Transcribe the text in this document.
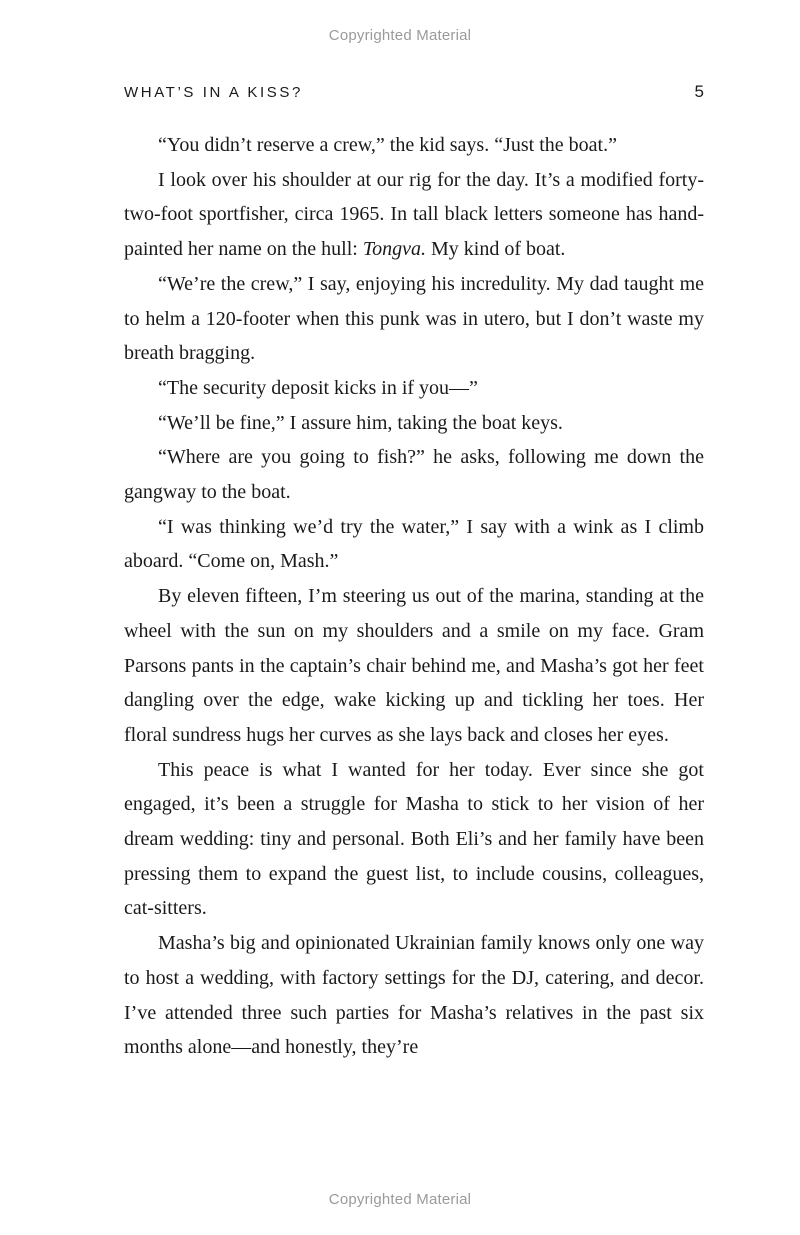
Copyrighted Material
WHAT’S IN A KISS?	5

“You didn’t reserve a crew,” the kid says. “Just the boat.”

I look over his shoulder at our rig for the day. It’s a modified forty-two-foot sportfisher, circa 1965. In tall black letters someone has hand-painted her name on the hull: Tongva. My kind of boat.

“We’re the crew,” I say, enjoying his incredulity. My dad taught me to helm a 120-footer when this punk was in utero, but I don’t waste my breath bragging.

“The security deposit kicks in if you—”

“We’ll be fine,” I assure him, taking the boat keys.

“Where are you going to fish?” he asks, following me down the gangway to the boat.

“I was thinking we’d try the water,” I say with a wink as I climb aboard. “Come on, Mash.”

By eleven fifteen, I’m steering us out of the marina, standing at the wheel with the sun on my shoulders and a smile on my face. Gram Parsons pants in the captain’s chair behind me, and Masha’s got her feet dangling over the edge, wake kicking up and tickling her toes. Her floral sundress hugs her curves as she lays back and closes her eyes.

This peace is what I wanted for her today. Ever since she got engaged, it’s been a struggle for Masha to stick to her vision of her dream wedding: tiny and personal. Both Eli’s and her family have been pressing them to expand the guest list, to include cousins, colleagues, cat-sitters.

Masha’s big and opinionated Ukrainian family knows only one way to host a wedding, with factory settings for the DJ, catering, and decor. I’ve attended three such parties for Masha’s relatives in the past six months alone—and honestly, they’re

Copyrighted Material
